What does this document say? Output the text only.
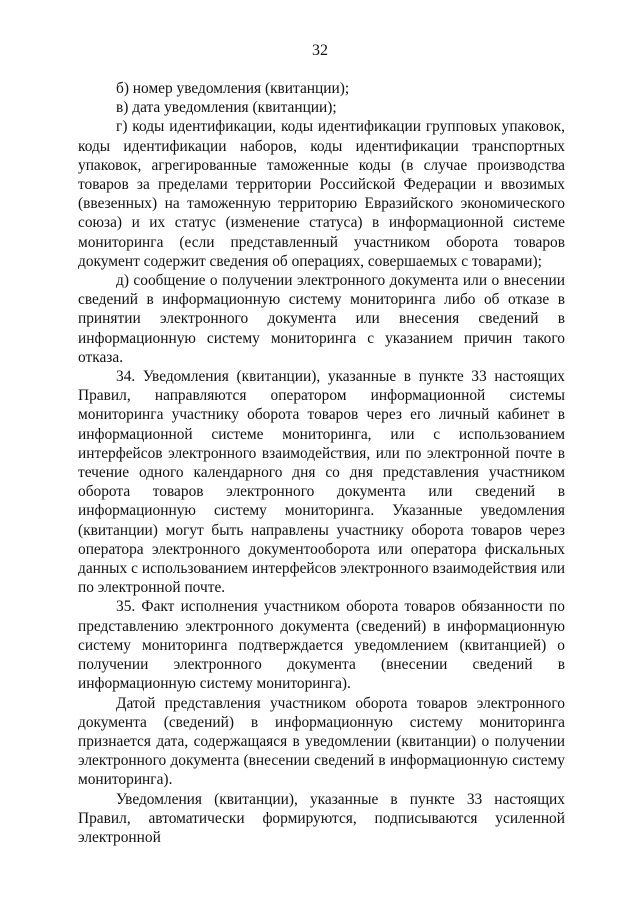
32

б) номер уведомления (квитанции);

в) дата уведомления (квитанции);

г) коды идентификации, коды идентификации групповых упаковок, коды идентификации наборов, коды идентификации транспортных упаковок, агрегированные таможенные коды (в случае производства товаров за пределами территории Российской Федерации и ввозимых (ввезенных) на таможенную территорию Евразийского экономического союза) и их статус (изменение статуса) в информационной системе мониторинга (если представленный участником оборота товаров документ содержит сведения об операциях, совершаемых с товарами);

д) сообщение о получении электронного документа или о внесении сведений в информационную систему мониторинга либо об отказе в принятии электронного документа или внесения сведений в информационную систему мониторинга с указанием причин такого отказа.

34. Уведомления (квитанции), указанные в пункте 33 настоящих Правил, направляются оператором информационной системы мониторинга участнику оборота товаров через его личный кабинет в информационной системе мониторинга, или с использованием интерфейсов электронного взаимодействия, или по электронной почте в течение одного календарного дня со дня представления участником оборота товаров электронного документа или сведений в информационную систему мониторинга. Указанные уведомления (квитанции) могут быть направлены участнику оборота товаров через оператора электронного документооборота или оператора фискальных данных с использованием интерфейсов электронного взаимодействия или по электронной почте.

35. Факт исполнения участником оборота товаров обязанности по представлению электронного документа (сведений) в информационную систему мониторинга подтверждается уведомлением (квитанцией) о получении электронного документа (внесении сведений в информационную систему мониторинга).

Датой представления участником оборота товаров электронного документа (сведений) в информационную систему мониторинга признается дата, содержащаяся в уведомлении (квитанции) о получении электронного документа (внесении сведений в информационную систему мониторинга).

Уведомления (квитанции), указанные в пункте 33 настоящих Правил, автоматически формируются, подписываются усиленной электронной
